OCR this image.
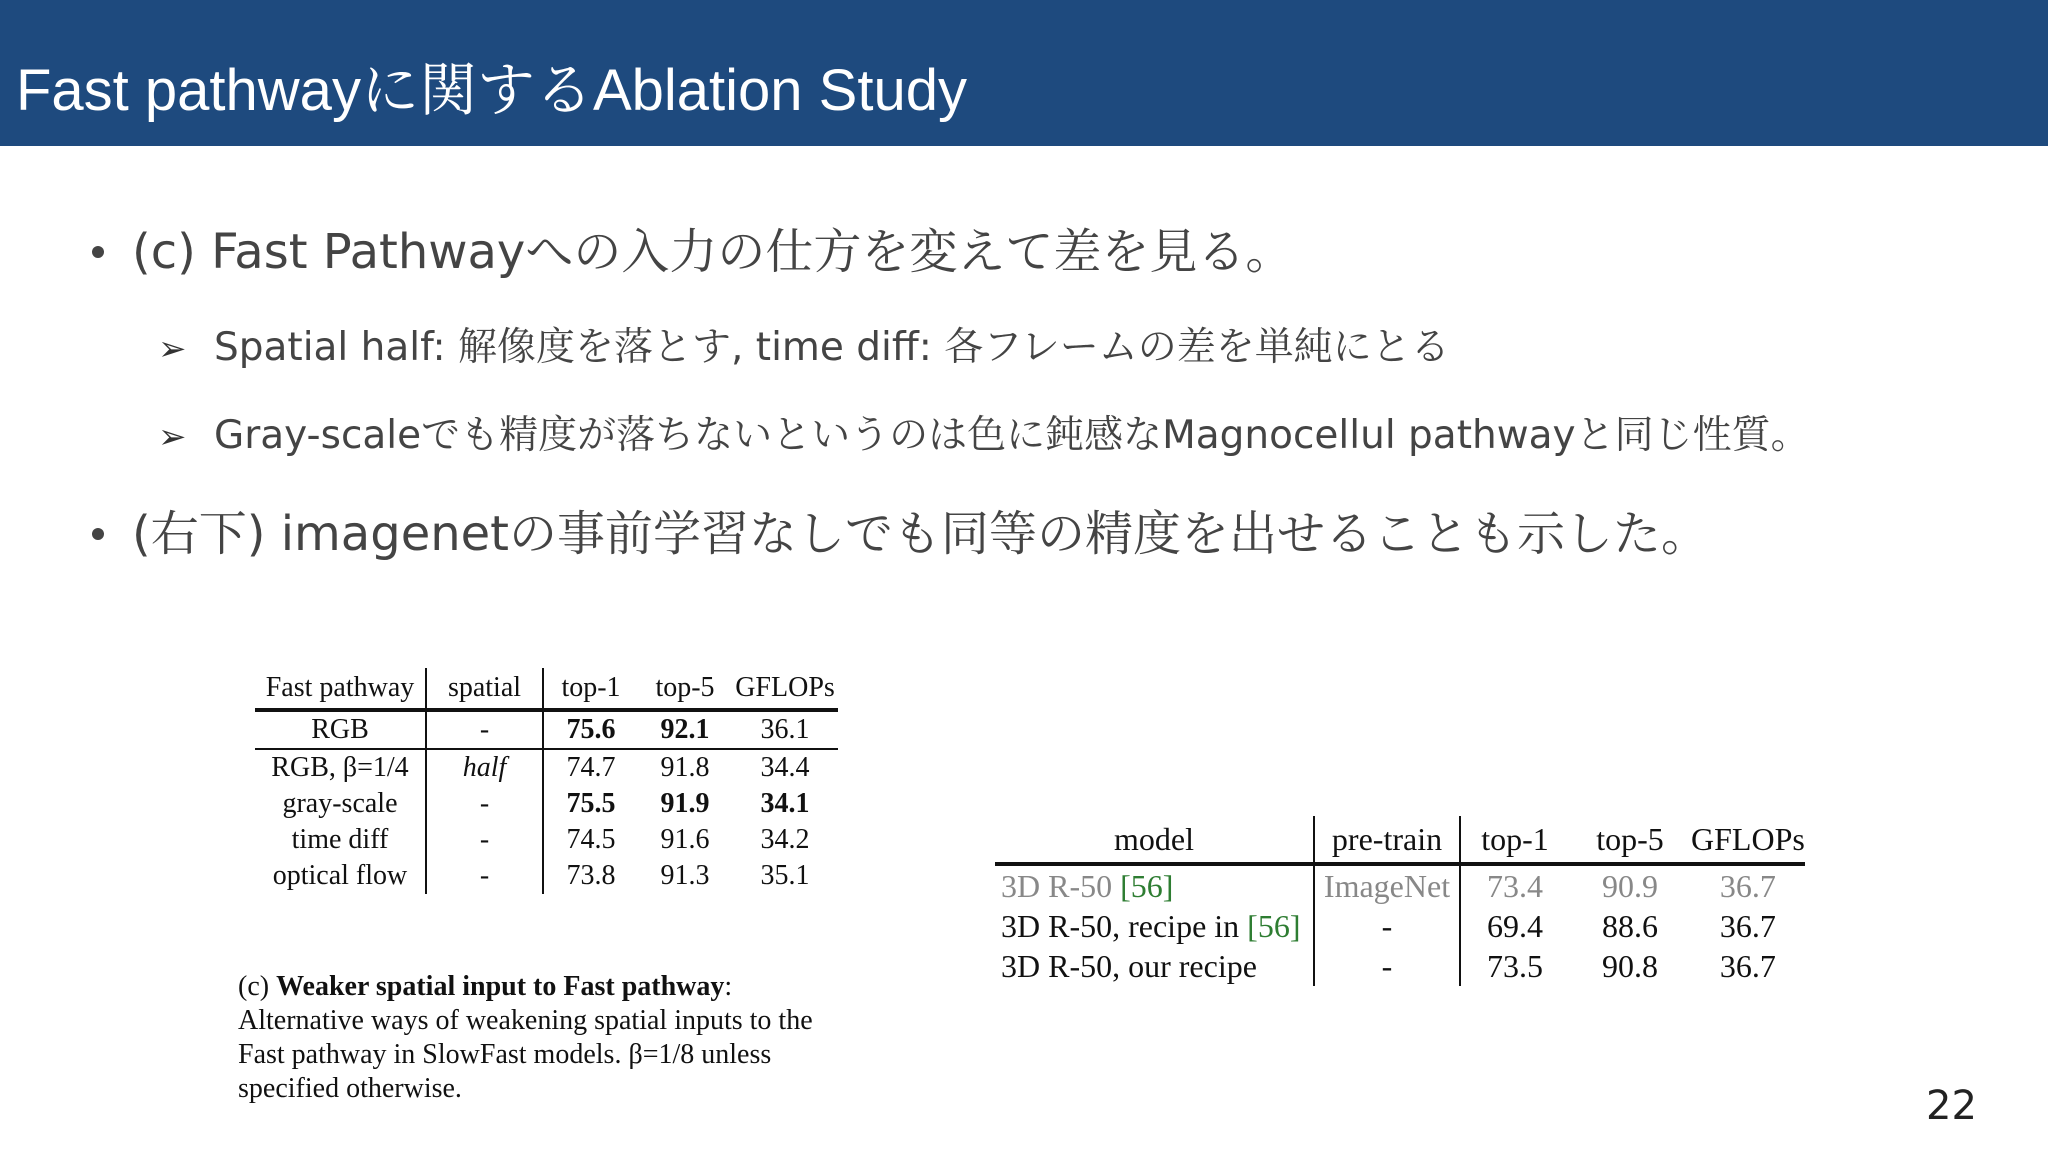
Fast pathwayに関するAblation Study
(c) Fast Pathwayへの入力の仕方を変えて差を見る。
➢ Spatial half: 解像度を落とす, time diff: 各フレームの差を単純にとる
➢ Gray-scaleでも精度が落ちないというのは色に鈍感なMagnocellul pathwayと同じ性質。
(右下) imagenetの事前学習なしでも同等の精度を出せることも示した。
Fast pathway	spatial	top-1	top-5	GFLOPs
RGB	-	75.6	92.1	36.1
RGB, β=1/4	half	74.7	91.8	34.4
gray-scale	-	75.5	91.9	34.1
time diff	-	74.5	91.6	34.2
optical flow	-	73.8	91.3	35.1
(c) Weaker spatial input to Fast pathway: Alternative ways of weakening spatial inputs to the Fast pathway in SlowFast models. β=1/8 unless specified otherwise.
model	pre-train	top-1	top-5	GFLOPs
3D R-50 [56]	ImageNet	73.4	90.9	36.7
3D R-50, recipe in [56]	-	69.4	88.6	36.7
3D R-50, our recipe	-	73.5	90.8	36.7
22
